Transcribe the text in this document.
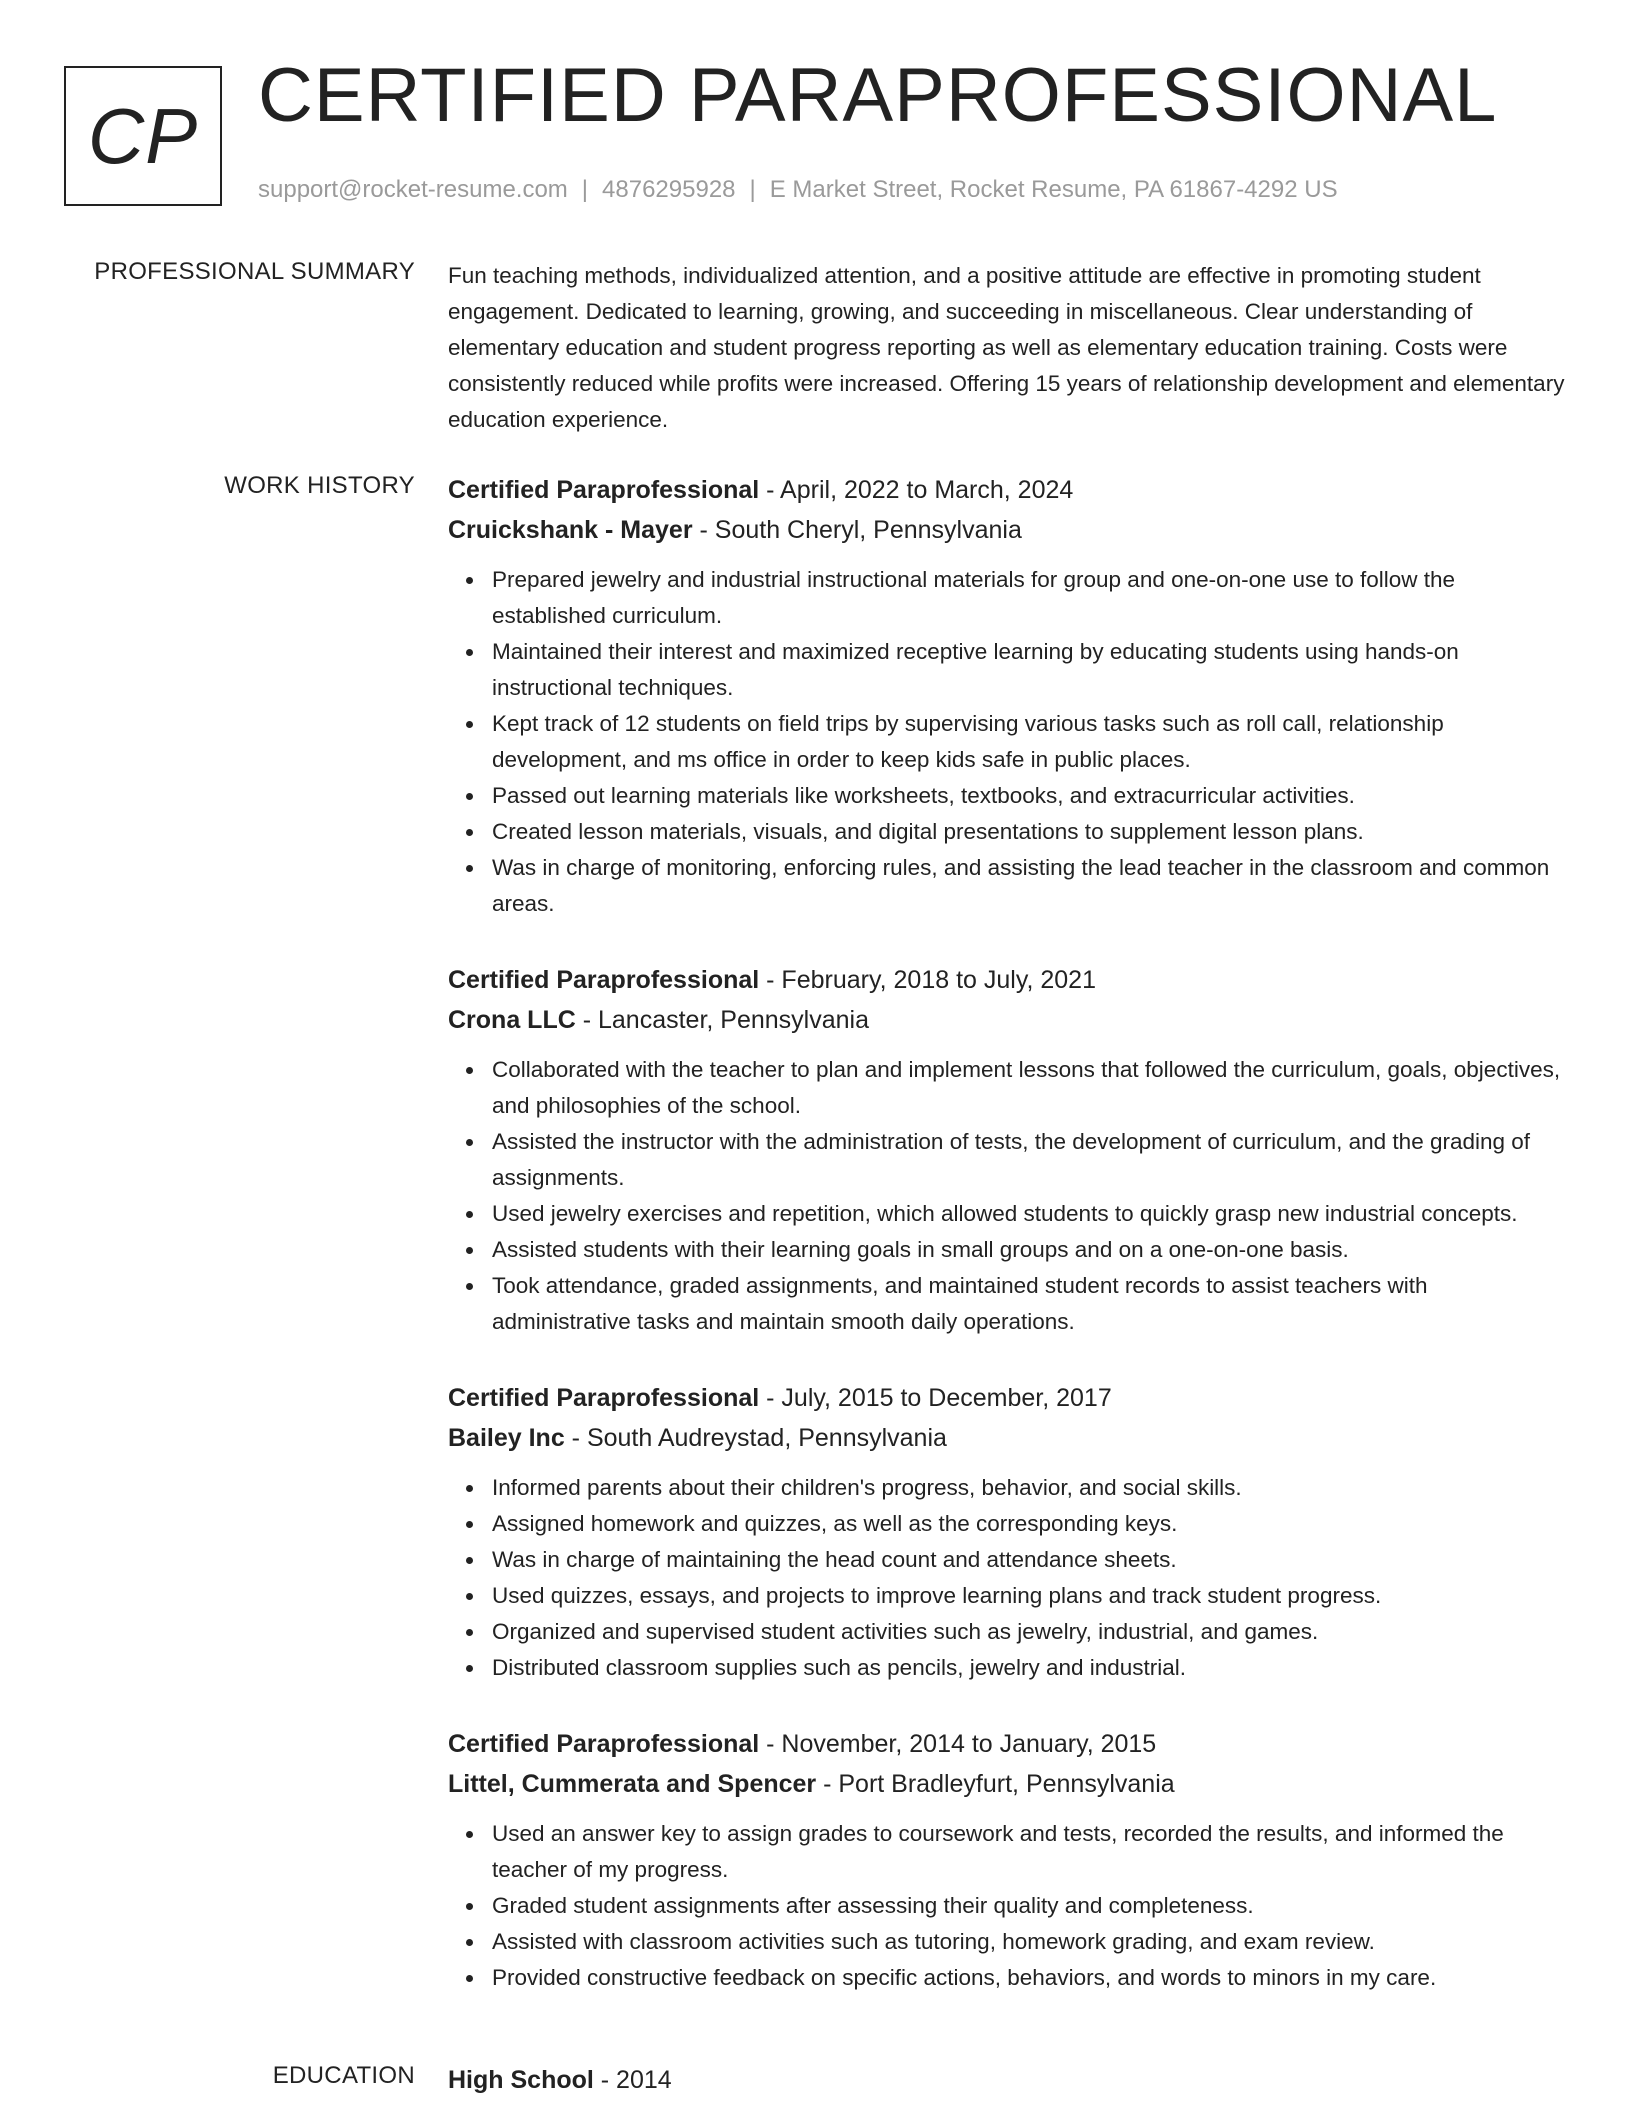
CP CERTIFIED PARAPROFESSIONAL
support@rocket-resume.com | 4876295928 | E Market Street, Rocket Resume, PA 61867-4292 US
PROFESSIONAL SUMMARY Fun teaching methods, individualized attention, and a positive attitude are effective in promoting student engagement. Dedicated to learning, growing, and succeeding in miscellaneous. Clear understanding of elementary education and student progress reporting as well as elementary education training. Costs were consistently reduced while profits were increased. Offering 15 years of relationship development and elementary education experience.

WORK HISTORY Certified Paraprofessional - April, 2022 to March, 2024
Cruickshank - Mayer - South Cheryl, Pennsylvania
Prepared jewelry and industrial instructional materials for group and one-on-one use to follow the established curriculum.
Maintained their interest and maximized receptive learning by educating students using hands-on instructional techniques.
Kept track of 12 students on field trips by supervising various tasks such as roll call, relationship development, and ms office in order to keep kids safe in public places.
Passed out learning materials like worksheets, textbooks, and extracurricular activities.
Created lesson materials, visuals, and digital presentations to supplement lesson plans.
Was in charge of monitoring, enforcing rules, and assisting the lead teacher in the classroom and common areas.
Certified Paraprofessional - February, 2018 to July, 2021
Crona LLC - Lancaster, Pennsylvania
Collaborated with the teacher to plan and implement lessons that followed the curriculum, goals, objectives, and philosophies of the school.
Assisted the instructor with the administration of tests, the development of curriculum, and the grading of assignments.
Used jewelry exercises and repetition, which allowed students to quickly grasp new industrial concepts.
Assisted students with their learning goals in small groups and on a one-on-one basis.
Took attendance, graded assignments, and maintained student records to assist teachers with administrative tasks and maintain smooth daily operations.
Certified Paraprofessional - July, 2015 to December, 2017
Bailey Inc - South Audreystad, Pennsylvania
Informed parents about their children's progress, behavior, and social skills.
Assigned homework and quizzes, as well as the corresponding keys.
Was in charge of maintaining the head count and attendance sheets.
Used quizzes, essays, and projects to improve learning plans and track student progress.
Organized and supervised student activities such as jewelry, industrial, and games.
Distributed classroom supplies such as pencils, jewelry and industrial.
Certified Paraprofessional - November, 2014 to January, 2015
Littel, Cummerata and Spencer - Port Bradleyfurt, Pennsylvania
Used an answer key to assign grades to coursework and tests, recorded the results, and informed the teacher of my progress.
Graded student assignments after assessing their quality and completeness.
Assisted with classroom activities such as tutoring, homework grading, and exam review.
Provided constructive feedback on specific actions, behaviors, and words to minors in my care.
EDUCATION High School - 2014
